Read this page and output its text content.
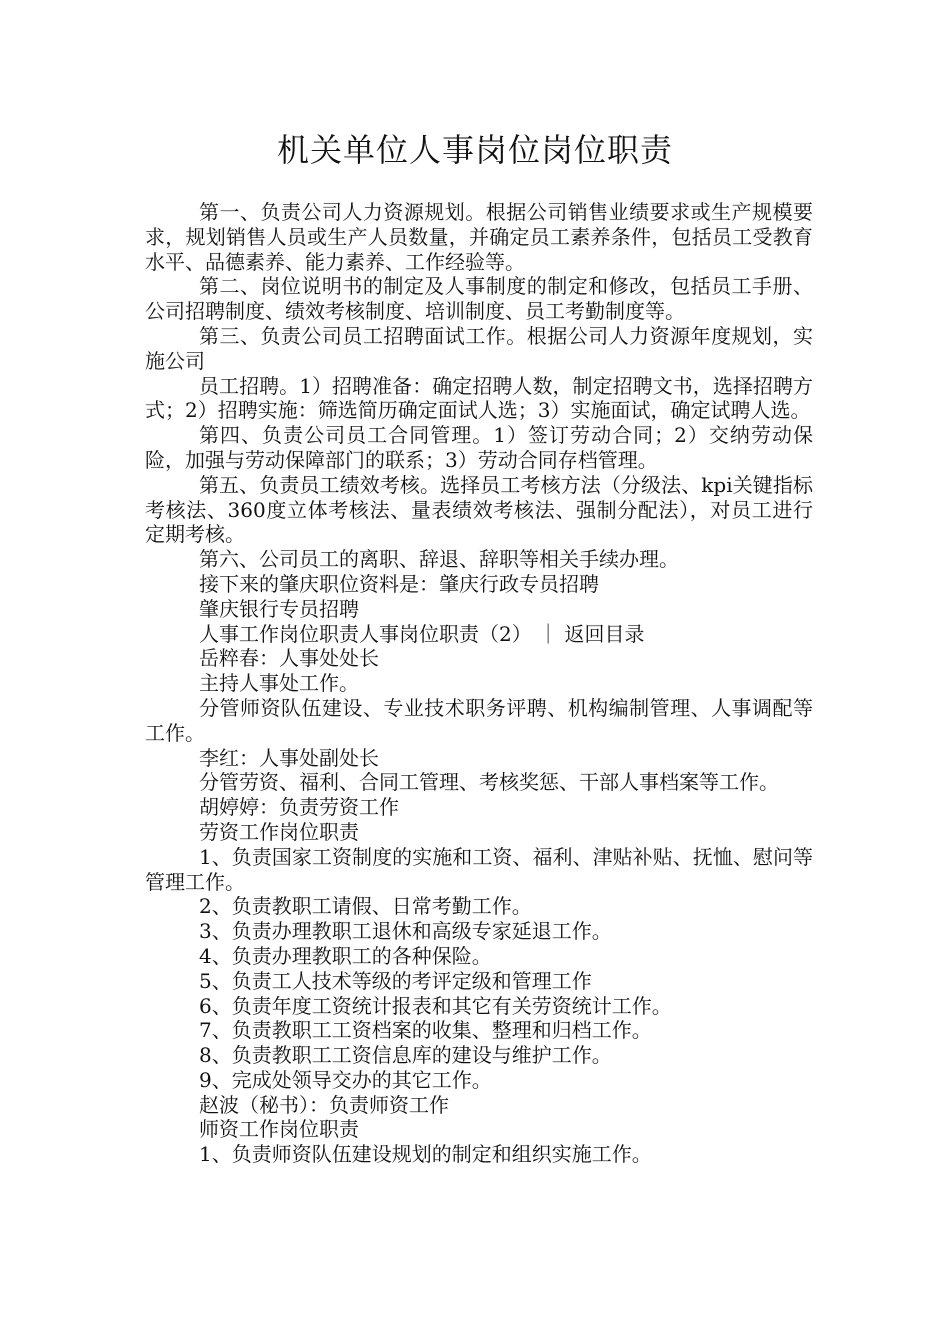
机关单位人事岗位岗位职责

第一、负责公司人力资源规划。根据公司销售业绩要求或生产规模要求，规划销售人员或生产人员数量，并确定员工素养条件，包括员工受教育水平、品德素养、能力素养、工作经验等。

第二、岗位说明书的制定及人事制度的制定和修改，包括员工手册、公司招聘制度、绩效考核制度、培训制度、员工考勤制度等。

第三、负责公司员工招聘面试工作。根据公司人力资源年度规划，实施公司

员工招聘。1）招聘准备：确定招聘人数，制定招聘文书，选择招聘方式；2）招聘实施：筛选简历确定面试人选；3）实施面试，确定试聘人选。

第四、负责公司员工合同管理。1）签订劳动合同；2）交纳劳动保险，加强与劳动保障部门的联系；3）劳动合同存档管理。

第五、负责员工绩效考核。选择员工考核方法（分级法、kpi关键指标考核法、360度立体考核法、量表绩效考核法、强制分配法），对员工进行定期考核。

第六、公司员工的离职、辞退、辞职等相关手续办理。

接下来的肇庆职位资料是：肇庆行政专员招聘

肇庆银行专员招聘

人事工作岗位职责人事岗位职责（2） ｜ 返回目录

岳粹春：人事处处长

主持人事处工作。

分管师资队伍建设、专业技术职务评聘、机构编制管理、人事调配等工作。

李红：人事处副处长

分管劳资、福利、合同工管理、考核奖惩、干部人事档案等工作。

胡婷婷：负责劳资工作

劳资工作岗位职责

1、负责国家工资制度的实施和工资、福利、津贴补贴、抚恤、慰问等管理工作。

2、负责教职工请假、日常考勤工作。

3、负责办理教职工退休和高级专家延退工作。

4、负责办理教职工的各种保险。

5、负责工人技术等级的考评定级和管理工作

6、负责年度工资统计报表和其它有关劳资统计工作。

7、负责教职工工资档案的收集、整理和归档工作。

8、负责教职工工资信息库的建设与维护工作。

9、完成处领导交办的其它工作。

赵波（秘书）：负责师资工作

师资工作岗位职责

1、负责师资队伍建设规划的制定和组织实施工作。
